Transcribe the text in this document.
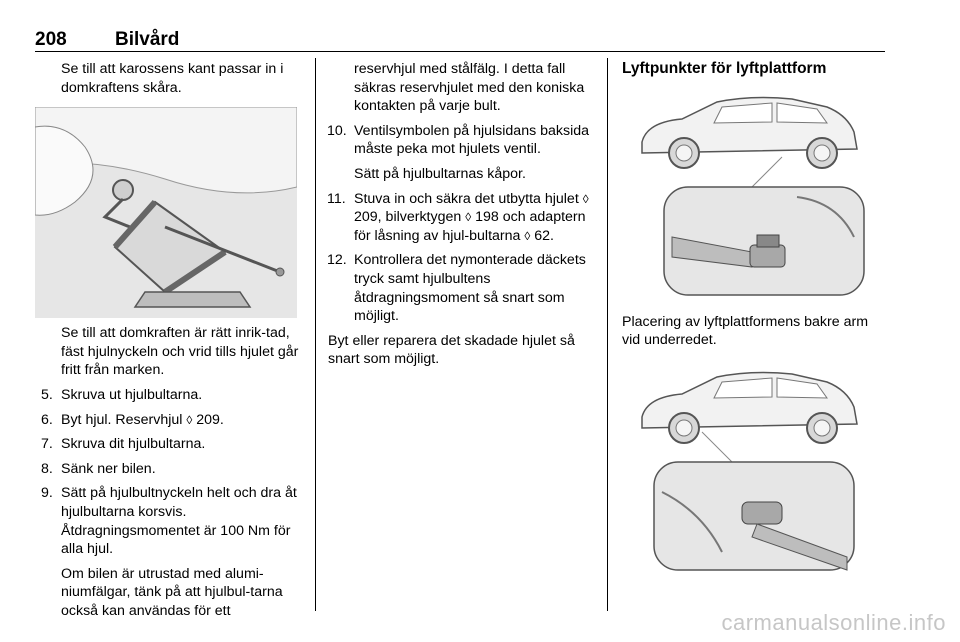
208	Bilvård

Se till att karossens kant passar in i domkraftens skåra.

Se till att domkraften är rätt inrik-tad, fäst hjulnyckeln och vrid tills hjulet går fritt från marken.

5. Skruva ut hjulbultarna.
6. Byt hjul. Reservhjul ◊ 209.
7. Skruva dit hjulbultarna.
8. Sänk ner bilen.
9. Sätt på hjulbultnyckeln helt och dra åt hjulbultarna korsvis. Åtdragningsmomentet är 100 Nm för alla hjul.

Om bilen är utrustad med alumi-niumfälgar, tänk på att hjulbul-tarna också kan användas för ett

reservhjul med stålfälg. I detta fall säkras reservhjulet med den koniska kontakten på varje bult.

10. Ventilsymbolen på hjulsidans baksida måste peka mot hjulets ventil.

Sätt på hjulbultarnas kåpor.

11. Stuva in och säkra det utbytta hjulet ◊ 209, bilverktygen ◊ 198 och adaptern för låsning av hjul-bultarna ◊ 62.
12. Kontrollera det nymonterade däckets tryck samt hjulbultens åtdragningsmoment så snart som möjligt.

Byt eller reparera det skadade hjulet så snart som möjligt.

Lyftpunkter för lyftplattform

Placering av lyftplattformens bakre arm vid underredet.

carmanualsonline.info
